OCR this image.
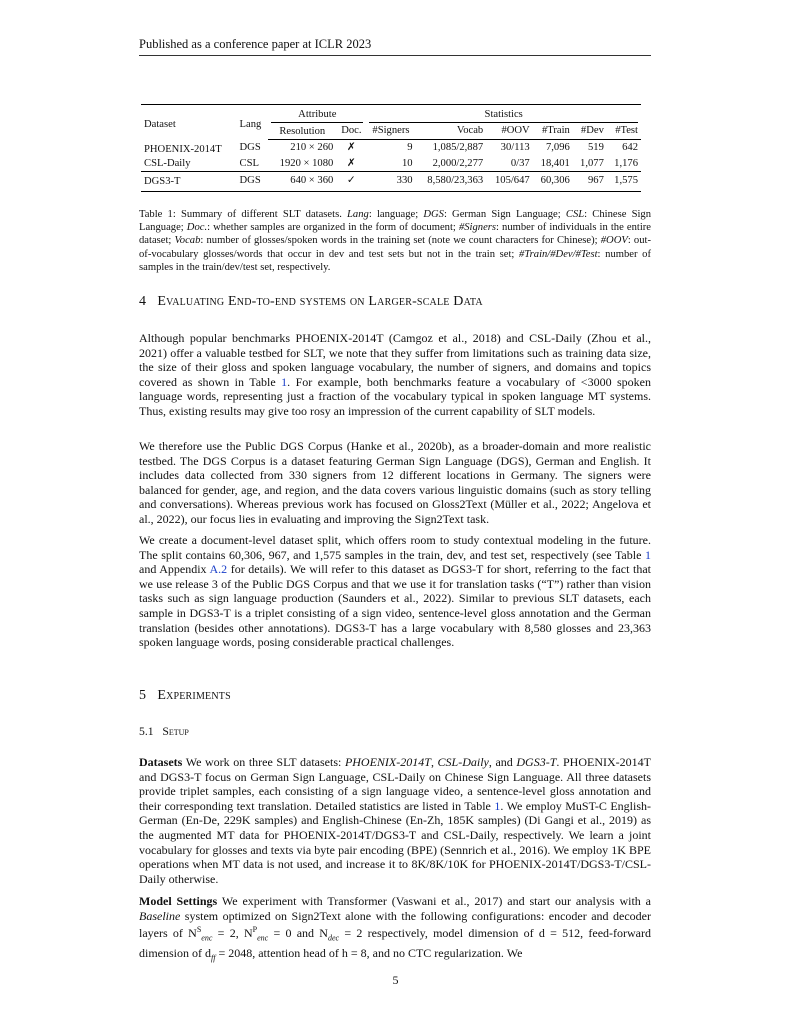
Published as a conference paper at ICLR 2023
Dataset	Lang	Attribute		Statistics					

		Resolution	Doc.	#Signers	Vocab	#OOV	#Train	#Dev	#Test
PHOENIX-2014T	DGS	210 × 260	✗	9	1,085/2,887	30/113	7,096	519	642
CSL-Daily	CSL	1920 × 1080	✗	10	2,000/2,277	0/37	18,401	1,077	1,176
DGS3-T	DGS	640 × 360	✓	330	8,580/23,363	105/647	60,306	967	1,575
Table 1: Summary of different SLT datasets. Lang: language; DGS: German Sign Language; CSL: Chinese Sign Language; Doc.: whether samples are organized in the form of document; #Signers: number of individuals in the entire dataset; Vocab: number of glosses/spoken words in the training set (note we count characters for Chinese); #OOV: out-of-vocabulary glosses/words that occur in dev and test sets but not in the train set; #Train/#Dev/#Test: number of samples in the train/dev/test set, respectively.
4 Evaluating End-to-end systems on Larger-scale Data

Although popular benchmarks PHOENIX-2014T (Camgoz et al., 2018) and CSL-Daily (Zhou et al., 2021) offer a valuable testbed for SLT, we note that they suffer from limitations such as training data size, the size of their gloss and spoken language vocabulary, the number of signers, and domains and topics covered as shown in Table 1. For example, both benchmarks feature a vocabulary of <3000 spoken language words, representing just a fraction of the vocabulary typical in spoken language MT systems. Thus, existing results may give too rosy an impression of the current capability of SLT models.

We therefore use the Public DGS Corpus (Hanke et al., 2020b), as a broader-domain and more realistic testbed. The DGS Corpus is a dataset featuring German Sign Language (DGS), German and English. It includes data collected from 330 signers from 12 different locations in Germany. The signers were balanced for gender, age, and region, and the data covers various linguistic domains (such as story telling and conversations). Whereas previous work has focused on Gloss2Text (Müller et al., 2022; Angelova et al., 2022), our focus lies in evaluating and improving the Sign2Text task.

We create a document-level dataset split, which offers room to study contextual modeling in the future. The split contains 60,306, 967, and 1,575 samples in the train, dev, and test set, respectively (see Table 1 and Appendix A.2 for details). We will refer to this dataset as DGS3-T for short, referring to the fact that we use release 3 of the Public DGS Corpus and that we use it for translation tasks (“T”) rather than vision tasks such as sign language production (Saunders et al., 2022). Similar to previous SLT datasets, each sample in DGS3-T is a triplet consisting of a sign video, sentence-level gloss annotation and the German translation (besides other annotations). DGS3-T has a large vocabulary with 8,580 glosses and 23,363 spoken language words, posing considerable practical challenges.

5 Experiments
5.1 Setup

Datasets We work on three SLT datasets: PHOENIX-2014T, CSL-Daily, and DGS3-T. PHOENIX-2014T and DGS3-T focus on German Sign Language, CSL-Daily on Chinese Sign Language. All three datasets provide triplet samples, each consisting of a sign language video, a sentence-level gloss annotation and their corresponding text translation. Detailed statistics are listed in Table 1. We employ MuST-C English-German (En-De, 229K samples) and English-Chinese (En-Zh, 185K samples) (Di Gangi et al., 2019) as the augmented MT data for PHOENIX-2014T/DGS3-T and CSL-Daily, respectively. We learn a joint vocabulary for glosses and texts via byte pair encoding (BPE) (Sennrich et al., 2016). We employ 1K BPE operations when MT data is not used, and increase it to 8K/8K/10K for PHOENIX-2014T/DGS3-T/CSL-Daily otherwise.

Model Settings We experiment with Transformer (Vaswani et al., 2017) and start our analysis with a Baseline system optimized on Sign2Text alone with the following configurations: encoder and decoder layers of $N^S_{enc} = 2$, $N^P_{enc} = 0$ and $N_{dec} = 2$ respectively, model dimension of d = 512, feed-forward dimension of $d_{ff} = 2048$, attention head of h = 8, and no CTC regularization. We

5
